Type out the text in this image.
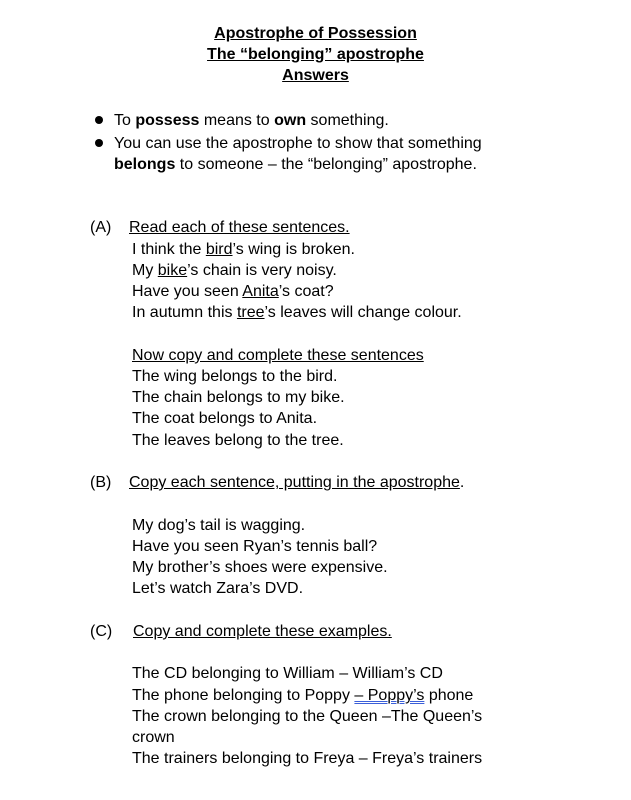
Apostrophe of Possession
The “belonging” apostrophe
Answers
To possess means to own something.
You can use the apostrophe to show that something
belongs to someone – the “belonging” apostrophe.
(A) Read each of these sentences.
I think the bird’s wing is broken.
My bike’s chain is very noisy.
Have you seen Anita’s coat?
In autumn this tree’s leaves will change colour.
Now copy and complete these sentences
The wing belongs to the bird.
The chain belongs to my bike.
The coat belongs to Anita.
The leaves belong to the tree.
(B) Copy each sentence, putting in the apostrophe.
My dog’s tail is wagging.
Have you seen Ryan’s tennis ball?
My brother’s shoes were expensive.
Let’s watch Zara’s DVD.
(C) Copy and complete these examples.
The CD belonging to William – William’s CD
The phone belonging to Poppy – Poppy’s phone
The crown belonging to the Queen –The Queen’s
crown
The trainers belonging to Freya – Freya’s trainers
